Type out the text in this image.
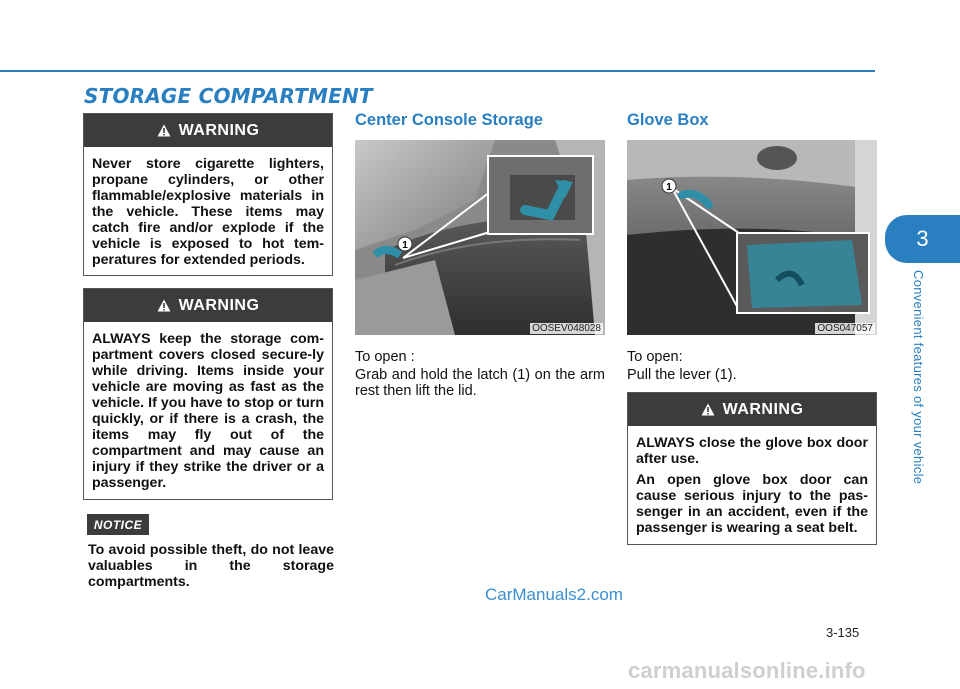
STORAGE COMPARTMENT
WARNING

Never store cigarette lighters, propane cylinders, or other flammable/explosive materials in the vehicle. These items may catch fire and/or explode if the vehicle is exposed to hot tem-peratures for extended periods.

WARNING

ALWAYS keep the storage com-partment covers closed secure-ly while driving. Items inside your vehicle are moving as fast as the vehicle. If you have to stop or turn quickly, or if there is a crash, the items may fly out of the compartment and may cause an injury if they strike the driver or a passenger.

NOTICE

To avoid possible theft, do not leave valuables in the storage compartments.

Center Console Storage
1
OOSEV048028

To open :

Grab and hold the latch (1) on the arm rest then lift the lid.

Glove Box
1
OOS047057

To open:

Pull the lever (1).

WARNING

ALWAYS close the glove box door after use.

An open glove box door can cause serious injury to the pas-senger in an accident, even if the passenger is wearing a seat belt.

3
Convenient features of your vehicle
CarManuals2.com
3-135
carmanualsonline.info
